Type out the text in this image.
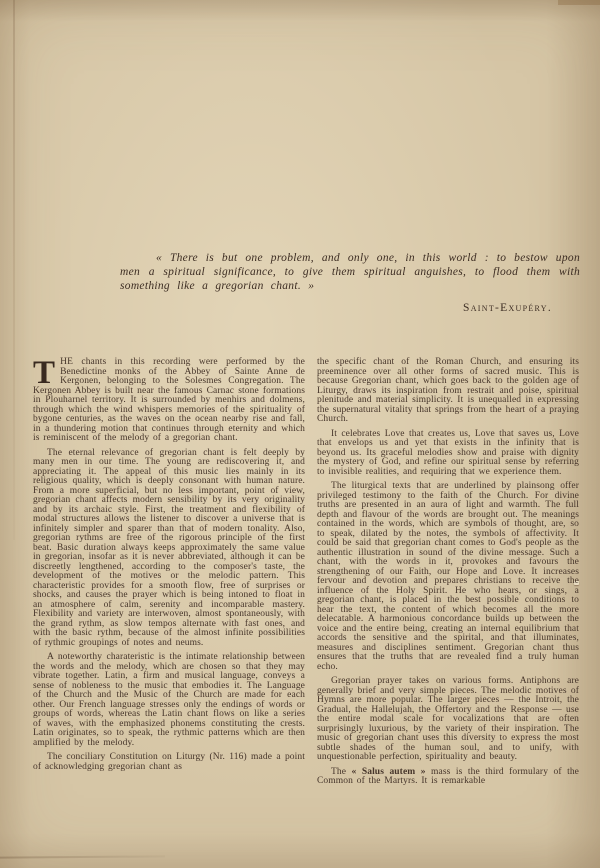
« There is but one problem, and only one, in this world : to bestow upon men a spiritual significance, to give them spiritual anguishes, to flood them with something like a gregorian chant. »

Saint-Exupéry.

THE chants in this recording were performed by the Benedictine monks of the Abbey of Sainte Anne de Kergonen, belonging to the Solesmes Congregation. The Kergonen Abbey is built near the famous Carnac stone formations in Plouharnel territory. It is surrounded by menhirs and dolmens, through which the wind whispers memories of the spirituality of bygone centuries, as the waves on the ocean nearby rise and fall, in a thundering motion that continues through eternity and which is reminiscent of the melody of a gregorian chant.

The eternal relevance of gregorian chant is felt deeply by many men in our time. The young are rediscovering it, and appreciating it. The appeal of this music lies mainly in its religious quality, which is deeply consonant with human nature. From a more superficial, but no less important, point of view, gregorian chant affects modern sensibility by its very originality and by its archaic style. First, the treatment and flexibility of modal structures allows the listener to discover a universe that is infinitely simpler and sparer than that of modern tonality. Also, gregorian rythms are free of the rigorous principle of the first beat. Basic duration always keeps approximately the same value in gregorian, insofar as it is never abbreviated, although it can be discreetly lengthened, according to the composer's taste, the development of the motives or the melodic pattern. This characteristic provides for a smooth flow, free of surprises or shocks, and causes the prayer which is being intoned to float in an atmosphere of calm, serenity and incomparable mastery. Flexibility and variety are interwoven, almost spontaneously, with the grand rythm, as slow tempos alternate with fast ones, and with the basic rythm, because of the almost infinite possibilities of rythmic groupings of notes and neums.

A noteworthy charateristic is the intimate relationship between the words and the melody, which are chosen so that they may vibrate together. Latin, a firm and musical language, conveys a sense of nobleness to the music that embodies it. The Language of the Church and the Music of the Church are made for each other. Our French language stresses only the endings of words or groups of words, whereas the Latin chant flows on like a series of waves, with the emphasized phonems constituting the crests. Latin originates, so to speak, the rythmic patterns which are then amplified by the melody.

The conciliary Constitution on Liturgy (Nr. 116) made a point of acknowledging gregorian chant as

the specific chant of the Roman Church, and ensuring its preeminence over all other forms of sacred music. This is because Gregorian chant, which goes back to the golden age of Liturgy, draws its inspiration from restrait and poise, spiritual plenitude and material simplicity. It is unequalled in expressing the supernatural vitality that springs from the heart of a praying Church.

It celebrates Love that creates us, Love that saves us, Love that envelops us and yet that exists in the infinity that is beyond us. Its graceful melodies show and praise with dignity the mystery of God, and refine our spiritual sense by referring to invisible realities, and requiring that we experience them.

The liturgical texts that are underlined by plainsong offer privileged testimony to the faith of the Church. For divine truths are presented in an aura of light and warmth. The full depth and flavour of the words are brought out. The meanings contained in the words, which are symbols of thought, are, so to speak, dilated by the notes, the symbols of affectivity. It could be said that gregorian chant comes to God's people as the authentic illustration in sound of the divine message. Such a chant, with the words in it, provokes and favours the strengthening of our Faith, our Hope and Love. It increases fervour and devotion and prepares christians to receive the influence of the Holy Spirit. He who hears, or sings, a gregorian chant, is placed in the best possible conditions to hear the text, the content of which becomes all the more delecatable. A harmonious concordance builds up between the voice and the entire being, creating an internal equilibrium that accords the sensitive and the spirital, and that illuminates, measures and disciplines sentiment. Gregorian chant thus ensures that the truths that are revealed find a truly human echo.

Gregorian prayer takes on various forms. Antiphons are generally brief and very simple pieces. The melodic motives of Hymns are more popular. The larger pieces — the Introit, the Gradual, the Hallelujah, the Offertory and the Response — use the entire modal scale for vocalizations that are often surprisingly luxurious, by the variety of their inspiration. The music of gregorian chant uses this diversity to express the most subtle shades of the human soul, and to unify, with unquestionable perfection, spirituality and beauty.

The « Salus autem » mass is the third formulary of the Common of the Martyrs. It is remarkable
